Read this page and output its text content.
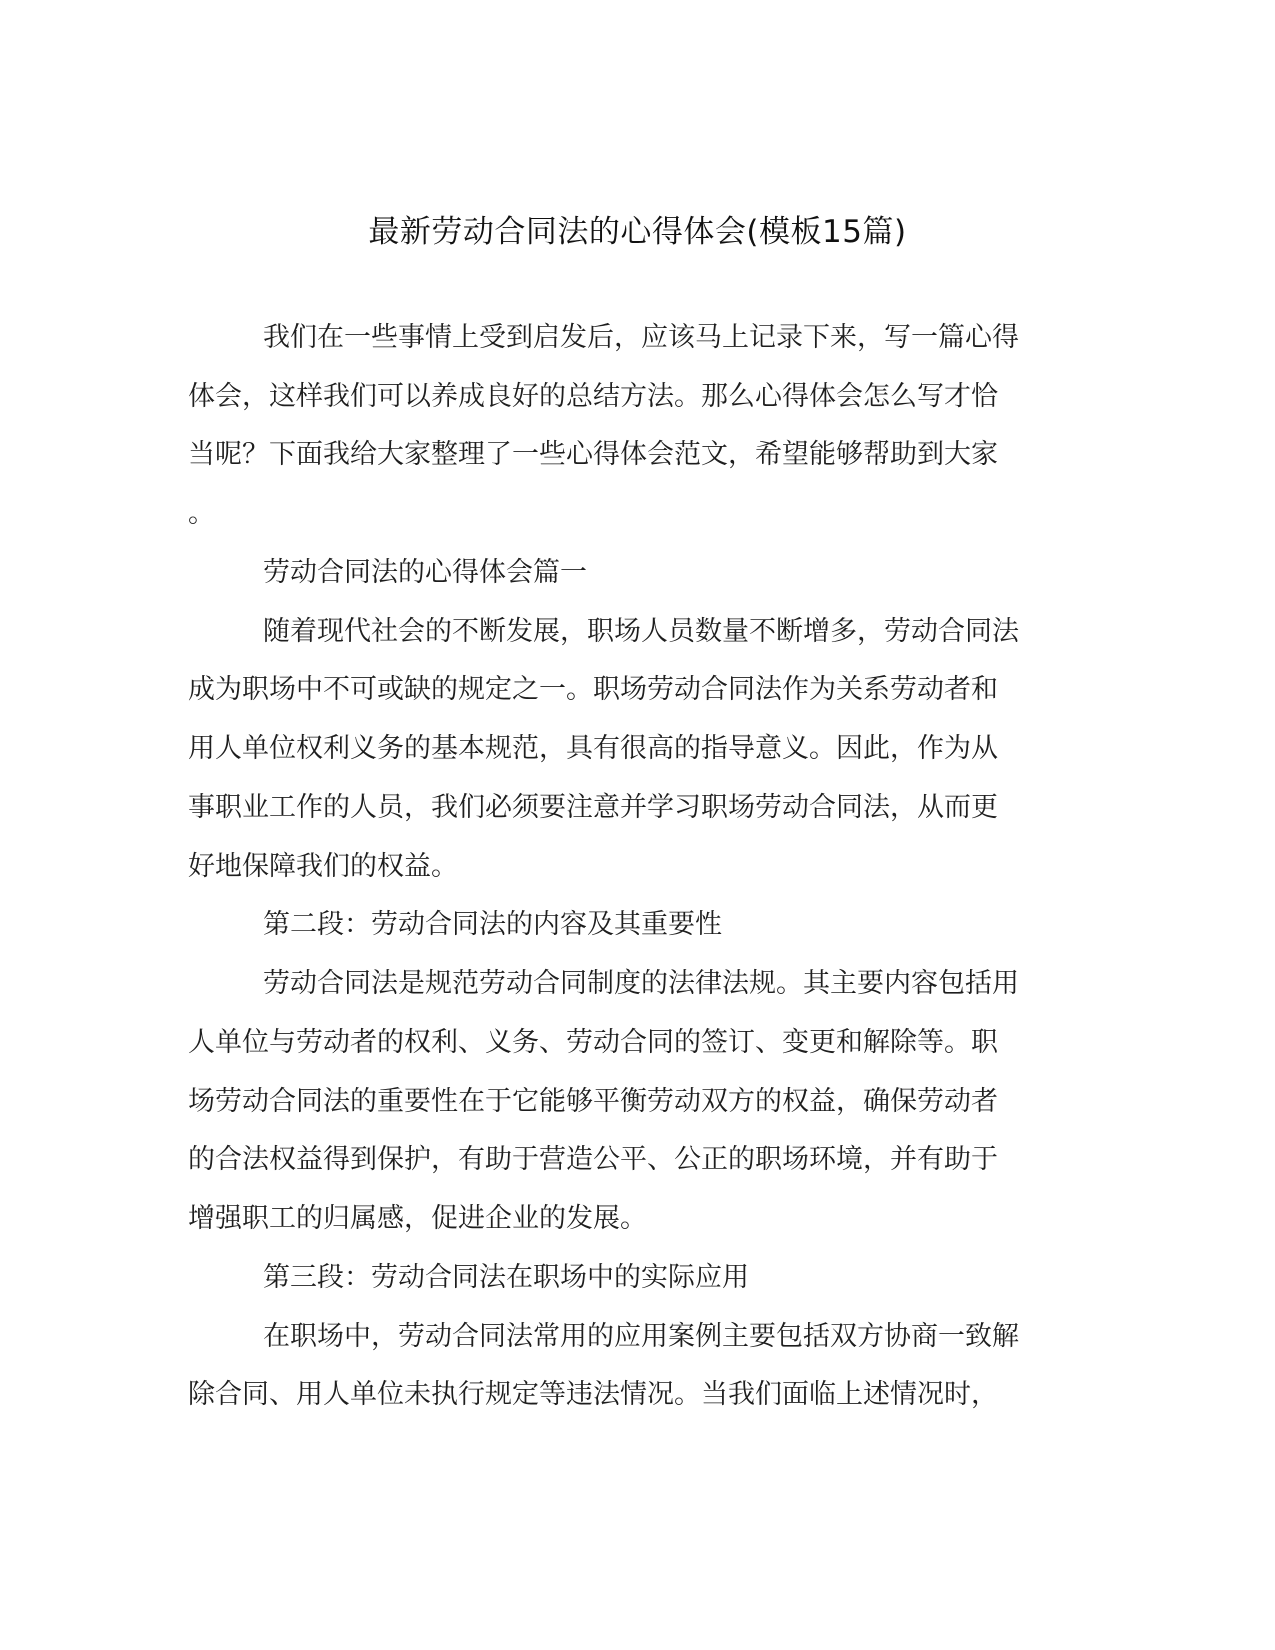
最新劳动合同法的心得体会(模板15篇)
我们在一些事情上受到启发后，应该马上记录下来，写一篇心得
体会，这样我们可以养成良好的总结方法。那么心得体会怎么写才恰
当呢？下面我给大家整理了一些心得体会范文，希望能够帮助到大家
。
劳动合同法的心得体会篇一
随着现代社会的不断发展，职场人员数量不断增多，劳动合同法
成为职场中不可或缺的规定之一。职场劳动合同法作为关系劳动者和
用人单位权利义务的基本规范，具有很高的指导意义。因此，作为从
事职业工作的人员，我们必须要注意并学习职场劳动合同法，从而更
好地保障我们的权益。
第二段：劳动合同法的内容及其重要性
劳动合同法是规范劳动合同制度的法律法规。其主要内容包括用
人单位与劳动者的权利、义务、劳动合同的签订、变更和解除等。职
场劳动合同法的重要性在于它能够平衡劳动双方的权益，确保劳动者
的合法权益得到保护，有助于营造公平、公正的职场环境，并有助于
增强职工的归属感，促进企业的发展。
第三段：劳动合同法在职场中的实际应用
在职场中，劳动合同法常用的应用案例主要包括双方协商一致解
除合同、用人单位未执行规定等违法情况。当我们面临上述情况时，
